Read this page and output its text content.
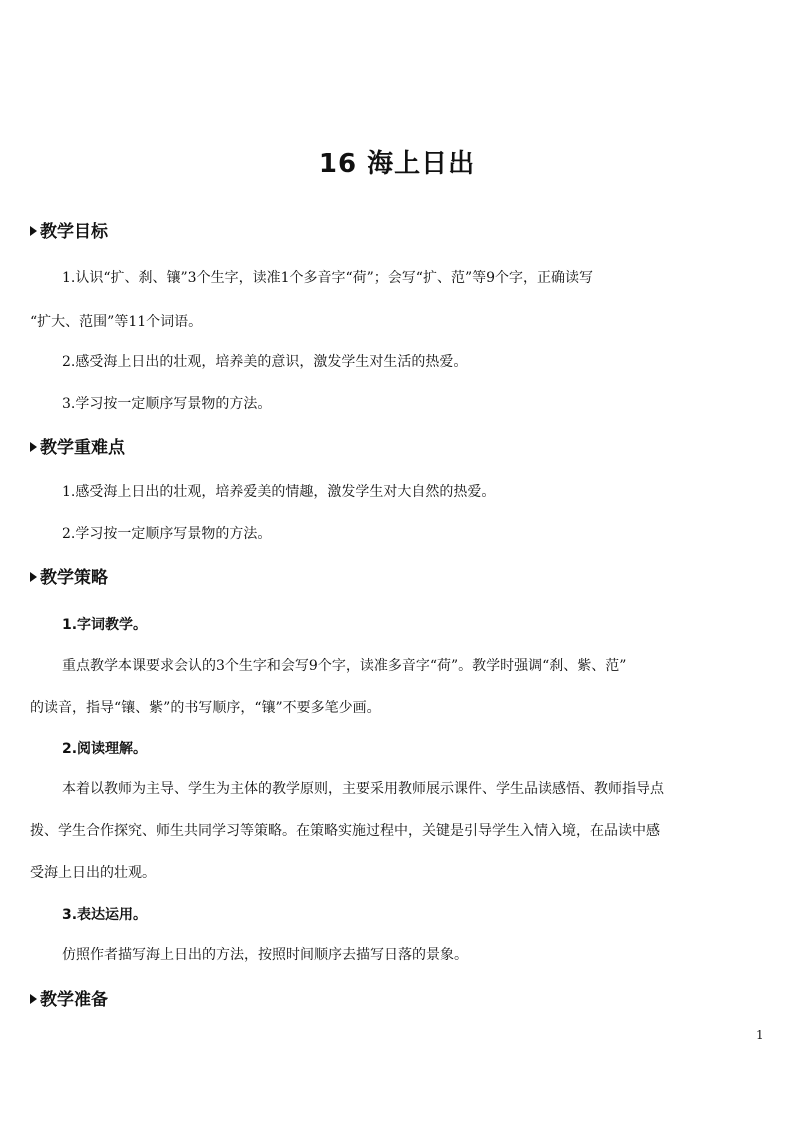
16 海上日出
教学目标
1.认识“扩、刹、镶”3个生字，读准1个多音字“荷”；会写“扩、范”等9个字，正确读写
“扩大、范围”等11个词语。
2.感受海上日出的壮观，培养美的意识，激发学生对生活的热爱。
3.学习按一定顺序写景物的方法。
教学重难点
1.感受海上日出的壮观，培养爱美的情趣，激发学生对大自然的热爱。
2.学习按一定顺序写景物的方法。
教学策略
1.字词教学。
重点教学本课要求会认的3个生字和会写9个字，读准多音字“荷”。教学时强调“刹、紫、范”
的读音，指导“镶、紫”的书写顺序，“镶”不要多笔少画。
2.阅读理解。
本着以教师为主导、学生为主体的教学原则，主要采用教师展示课件、学生品读感悟、教师指导点
拨、学生合作探究、师生共同学习等策略。在策略实施过程中，关键是引导学生入情入境，在品读中感
受海上日出的壮观。
3.表达运用。
仿照作者描写海上日出的方法，按照时间顺序去描写日落的景象。
教学准备
1
